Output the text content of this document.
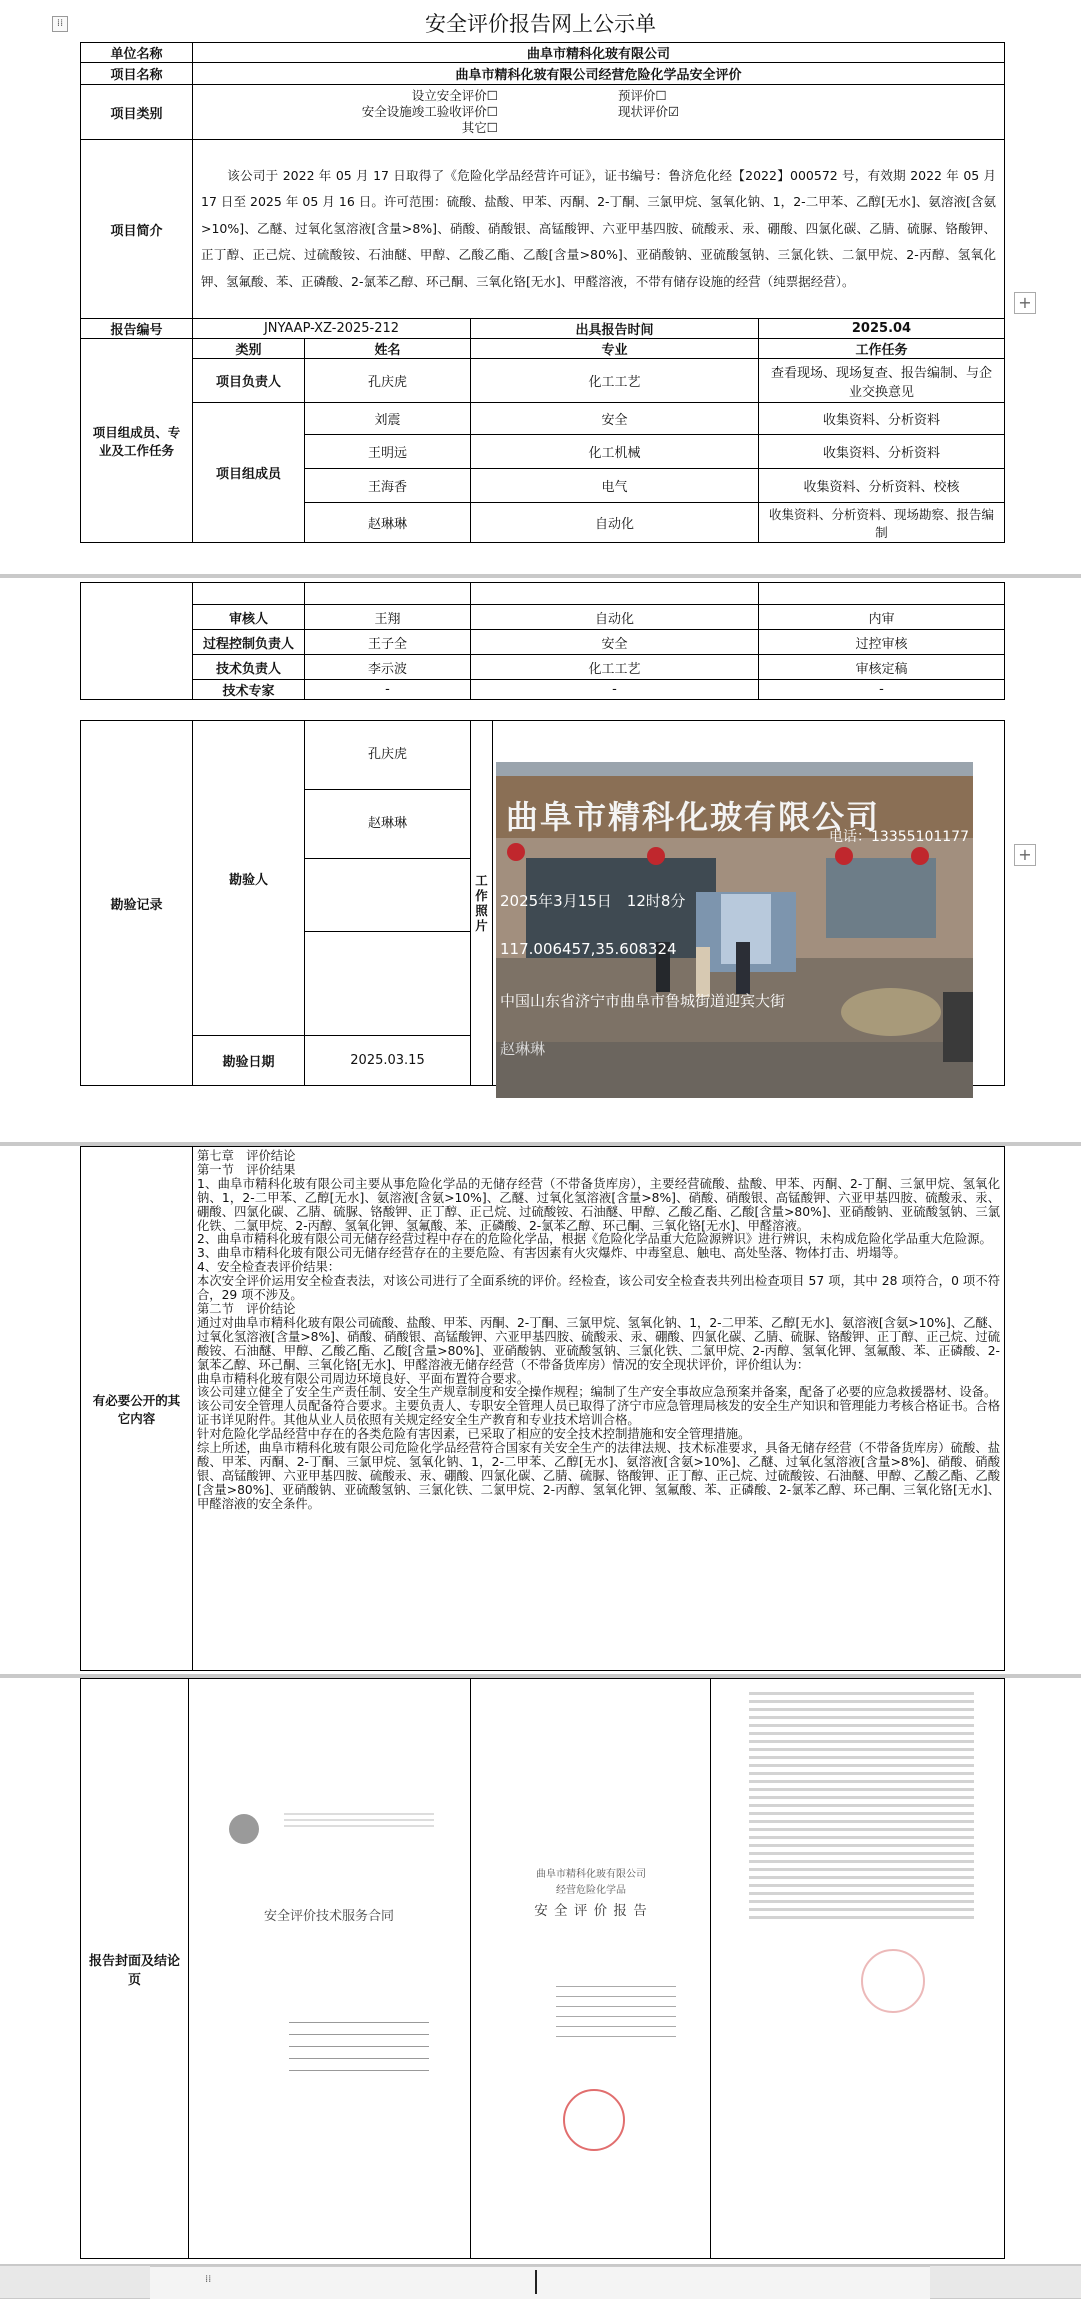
⁞⁞	安全评价报告网上公示单
单位名称	曲阜市精科化玻有限公司			
项目名称	曲阜市精科化玻有限公司经营危险化学品安全评价			
项目类别	设立安全评价☐
安全设施竣工验收评价☐
其它☐
预评价☐
现状评价☑			

项目简介	该公司于 2022 年 05 月 17 日取得了《危险化学品经营许可证》，证书编号：鲁济危化经【2022】000572 号，有效期 2022 年 05 月 17 日至 2025 年 05 月 16 日。许可范围：硫酸、盐酸、甲苯、丙酮、2-丁酮、三氯甲烷、氢氧化钠、1，2-二甲苯、乙醇[无水]、氨溶液[含氨>10%]、乙醚、过氧化氢溶液[含量>8%]、硝酸、硝酸银、高锰酸钾、六亚甲基四胺、硫酸汞、汞、硼酸、四氯化碳、乙腈、硫脲、铬酸钾、正丁醇、正己烷、过硫酸铵、石油醚、甲醇、乙酸乙酯、乙酸[含量>80%]、亚硝酸钠、亚硫酸氢钠、三氯化铁、二氯甲烷、2-丙醇、氢氧化钾、氢氟酸、苯、正磷酸、2-氯苯乙醇、环己酮、三氧化铬[无水]、甲醛溶液，不带有储存设施的经营（纯票据经营）。			
报告编号	JNYAAP-XZ-2025-212		出具报告时间	2025.04
项目组成员、专业及工作任务	类别	姓名	专业	工作任务
	项目负责人	孔庆虎	化工工艺	查看现场、现场复查、报告编制、与企业交换意见
	项目组成员	刘震	安全	收集资料、分析资料
		王明远	化工机械	收集资料、分析资料
		王海香	电气	收集资料、分析资料、校核
		赵琳琳	自动化	收集资料、分析资料、现场勘察、报告编制
+

	审核人	王翔	自动化	内审
	过程控制负责人	王子全	安全	过控审核
	技术负责人	李示波	化工工艺	审核定稿
	技术专家	-	-	-
勘验记录	勘验人	孔庆虎
赵琳琳	工作照片	

	勘验日期	2025.03.15		
+
曲阜市精科化玻有限公司
电话：13355101177
2025年3月15日　12时8分
117.006457,35.608324
中国山东省济宁市曲阜市鲁城街道迎宾大街
赵琳琳
有必要公开的其它内容	
第七章　评价结论
第一节　评价结果
1、曲阜市精科化玻有限公司主要从事危险化学品的无储存经营（不带备货库房），主要经营硫酸、盐酸、甲苯、丙酮、2-丁酮、三氯甲烷、氢氧化钠、1，2-二甲苯、乙醇[无水]、氨溶液[含氨>10%]、乙醚、过氧化氢溶液[含量>8%]、硝酸、硝酸银、高锰酸钾、六亚甲基四胺、硫酸汞、汞、硼酸、四氯化碳、乙腈、硫脲、铬酸钾、正丁醇、正己烷、过硫酸铵、石油醚、甲醇、乙酸乙酯、乙酸[含量>80%]、亚硝酸钠、亚硫酸氢钠、三氯化铁、二氯甲烷、2-丙醇、氢氧化钾、氢氟酸、苯、正磷酸、2-氯苯乙醇、环己酮、三氧化铬[无水]、甲醛溶液。
2、曲阜市精科化玻有限公司无储存经营过程中存在的危险化学品，根据《危险化学品重大危险源辨识》进行辨识，未构成危险化学品重大危险源。
3、曲阜市精科化玻有限公司无储存经营存在的主要危险、有害因素有火灾爆炸、中毒窒息、触电、高处坠落、物体打击、坍塌等。
4、安全检查表评价结果：
本次安全评价运用安全检查表法，对该公司进行了全面系统的评价。经检查，该公司安全检查表共列出检查项目 57 项，其中 28 项符合，0 项不符合，29 项不涉及。
第二节　评价结论
通过对曲阜市精科化玻有限公司硫酸、盐酸、甲苯、丙酮、2-丁酮、三氯甲烷、氢氧化钠、1，2-二甲苯、乙醇[无水]、氨溶液[含氨>10%]、乙醚、过氧化氢溶液[含量>8%]、硝酸、硝酸银、高锰酸钾、六亚甲基四胺、硫酸汞、汞、硼酸、四氯化碳、乙腈、硫脲、铬酸钾、正丁醇、正己烷、过硫酸铵、石油醚、甲醇、乙酸乙酯、乙酸[含量>80%]、亚硝酸钠、亚硫酸氢钠、三氯化铁、二氯甲烷、2-丙醇、氢氧化钾、氢氟酸、苯、正磷酸、2-氯苯乙醇、环己酮、三氧化铬[无水]、甲醛溶液无储存经营（不带备货库房）情况的安全现状评价，评价组认为：
曲阜市精科化玻有限公司周边环境良好、平面布置符合要求。
该公司建立健全了安全生产责任制、安全生产规章制度和安全操作规程；编制了生产安全事故应急预案并备案，配备了必要的应急救援器材、设备。
该公司安全管理人员配备符合要求。主要负责人、专职安全管理人员已取得了济宁市应急管理局核发的安全生产知识和管理能力考核合格证书。合格证书详见附件。其他从业人员依照有关规定经安全生产教育和专业技术培训合格。
针对危险化学品经营中存在的各类危险有害因素，已采取了相应的安全技术控制措施和安全管理措施。
综上所述，曲阜市精科化玻有限公司危险化学品经营符合国家有关安全生产的法律法规、技术标准要求，具备无储存经营（不带备货库房）硫酸、盐酸、甲苯、丙酮、2-丁酮、三氯甲烷、氢氧化钠、1，2-二甲苯、乙醇[无水]、氨溶液[含氨>10%]、乙醚、过氧化氢溶液[含量>8%]、硝酸、硝酸银、高锰酸钾、六亚甲基四胺、硫酸汞、汞、硼酸、四氯化碳、乙腈、硫脲、铬酸钾、正丁醇、正己烷、过硫酸铵、石油醚、甲醇、乙酸乙酯、乙酸[含量>80%]、亚硝酸钠、亚硫酸氢钠、三氯化铁、二氯甲烷、2-丙醇、氢氧化钾、氢氟酸、苯、正磷酸、2-氯苯乙醇、环己酮、三氧化铬[无水]、甲醛溶液的安全条件。
报告封面及结论页	
安全评价技术服务合同

曲阜市精科化玻有限公司
经营危险化学品
安 全 评 价 报 告

⁞⁞
